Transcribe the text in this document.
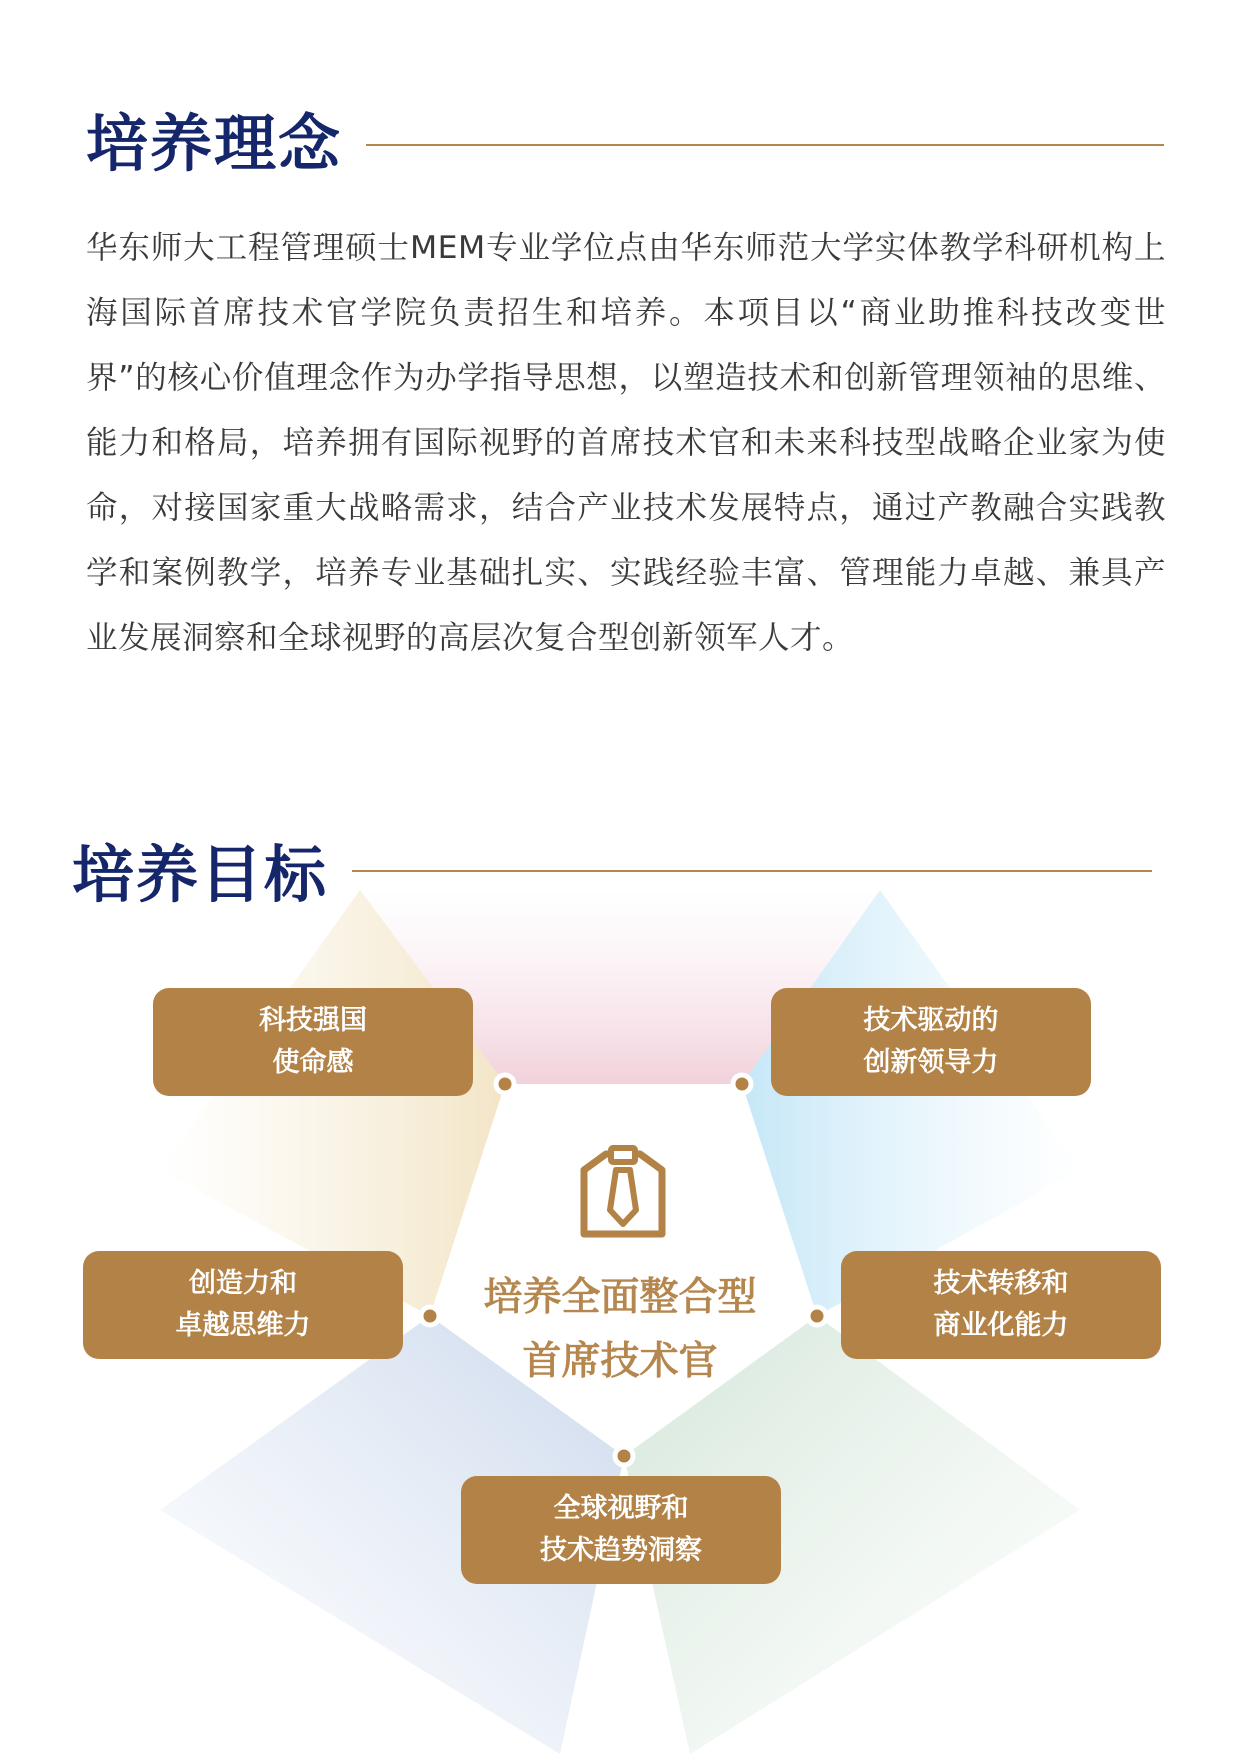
培养理念

华东师大工程管理硕士MEM专业学位点由华东师范大学实体教学科研机构上海国际首席技术官学院负责招生和培养。本项目以“商业助推科技改变世界”的核心价值理念作为办学指导思想，以塑造技术和创新管理领袖的思维、能力和格局，培养拥有国际视野的首席技术官和未来科技型战略企业家为使命，对接国家重大战略需求，结合产业技术发展特点，通过产教融合实践教学和案例教学，培养专业基础扎实、实践经验丰富、管理能力卓越、兼具产业发展洞察和全球视野的高层次复合型创新领军人才。

培养目标
培养全面整合型
首席技术官
科技强国
使命感
技术驱动的
创新领导力
创造力和
卓越思维力
技术转移和
商业化能力
全球视野和
技术趋势洞察
